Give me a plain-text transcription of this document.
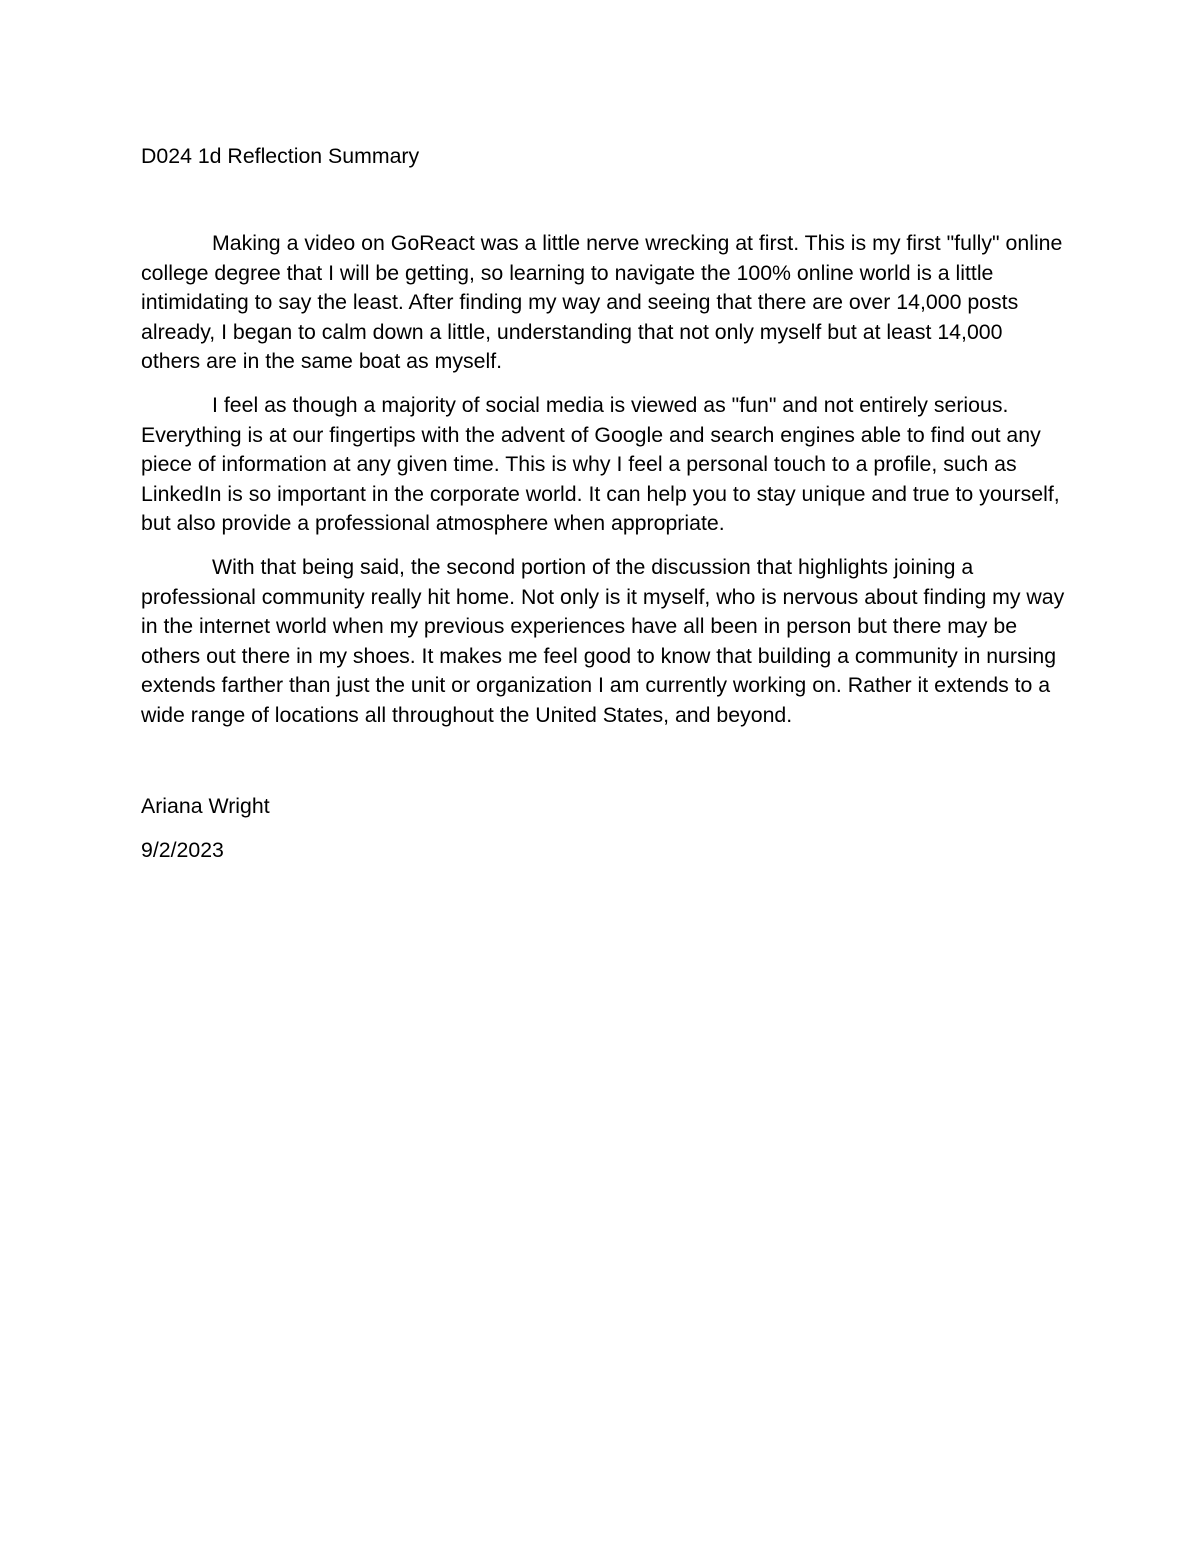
D024 1d Reflection Summary

Making a video on GoReact was a little nerve wrecking at first. This is my first "fully" online college degree that I will be getting, so learning to navigate the 100% online world is a little intimidating to say the least. After finding my way and seeing that there are over 14,000 posts already, I began to calm down a little, understanding that not only myself but at least 14,000 others are in the same boat as myself.

I feel as though a majority of social media is viewed as "fun" and not entirely serious. Everything is at our fingertips with the advent of Google and search engines able to find out any piece of information at any given time. This is why I feel a personal touch to a profile, such as LinkedIn is so important in the corporate world. It can help you to stay unique and true to yourself, but also provide a professional atmosphere when appropriate.

With that being said, the second portion of the discussion that highlights joining a professional community really hit home. Not only is it myself, who is nervous about finding my way in the internet world when my previous experiences have all been in person but there may be others out there in my shoes. It makes me feel good to know that building a community in nursing extends farther than just the unit or organization I am currently working on. Rather it extends to a wide range of locations all throughout the United States, and beyond.

Ariana Wright

9/2/2023
